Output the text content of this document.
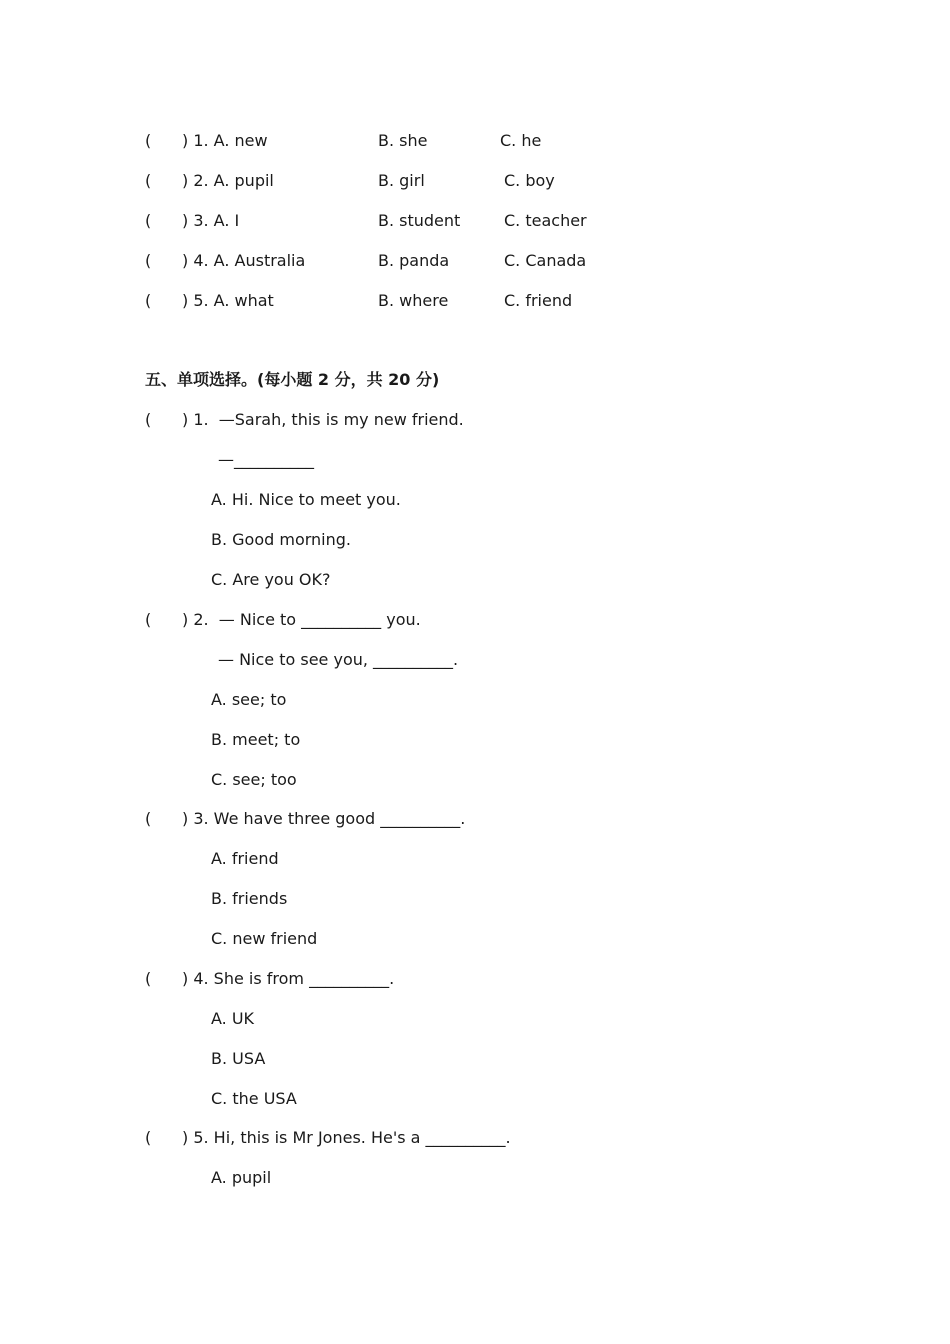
( ) 1. A. new	B. she	C. he
( ) 2. A. pupil	B. girl	C. boy
( ) 3. A. I	B. student	C. teacher
( ) 4. A. Australia	B. panda	C. Canada
( ) 5. A. what	B. where	C. friend
五、单项选择。(每小题 2 分，共 20 分)
( ) 1.  —Sarah, this is my new friend.
—__________
A. Hi. Nice to meet you.
B. Good morning.
C. Are you OK?
( ) 2.  — Nice to __________ you.
— Nice to see you, __________.
A. see; to
B. meet; to
C. see; too
( ) 3. We have three good __________.
A. friend
B. friends
C. new friend
( ) 4. She is from __________.
A. UK
B. USA
C. the USA
( ) 5. Hi, this is Mr Jones. He's a __________.
A. pupil
